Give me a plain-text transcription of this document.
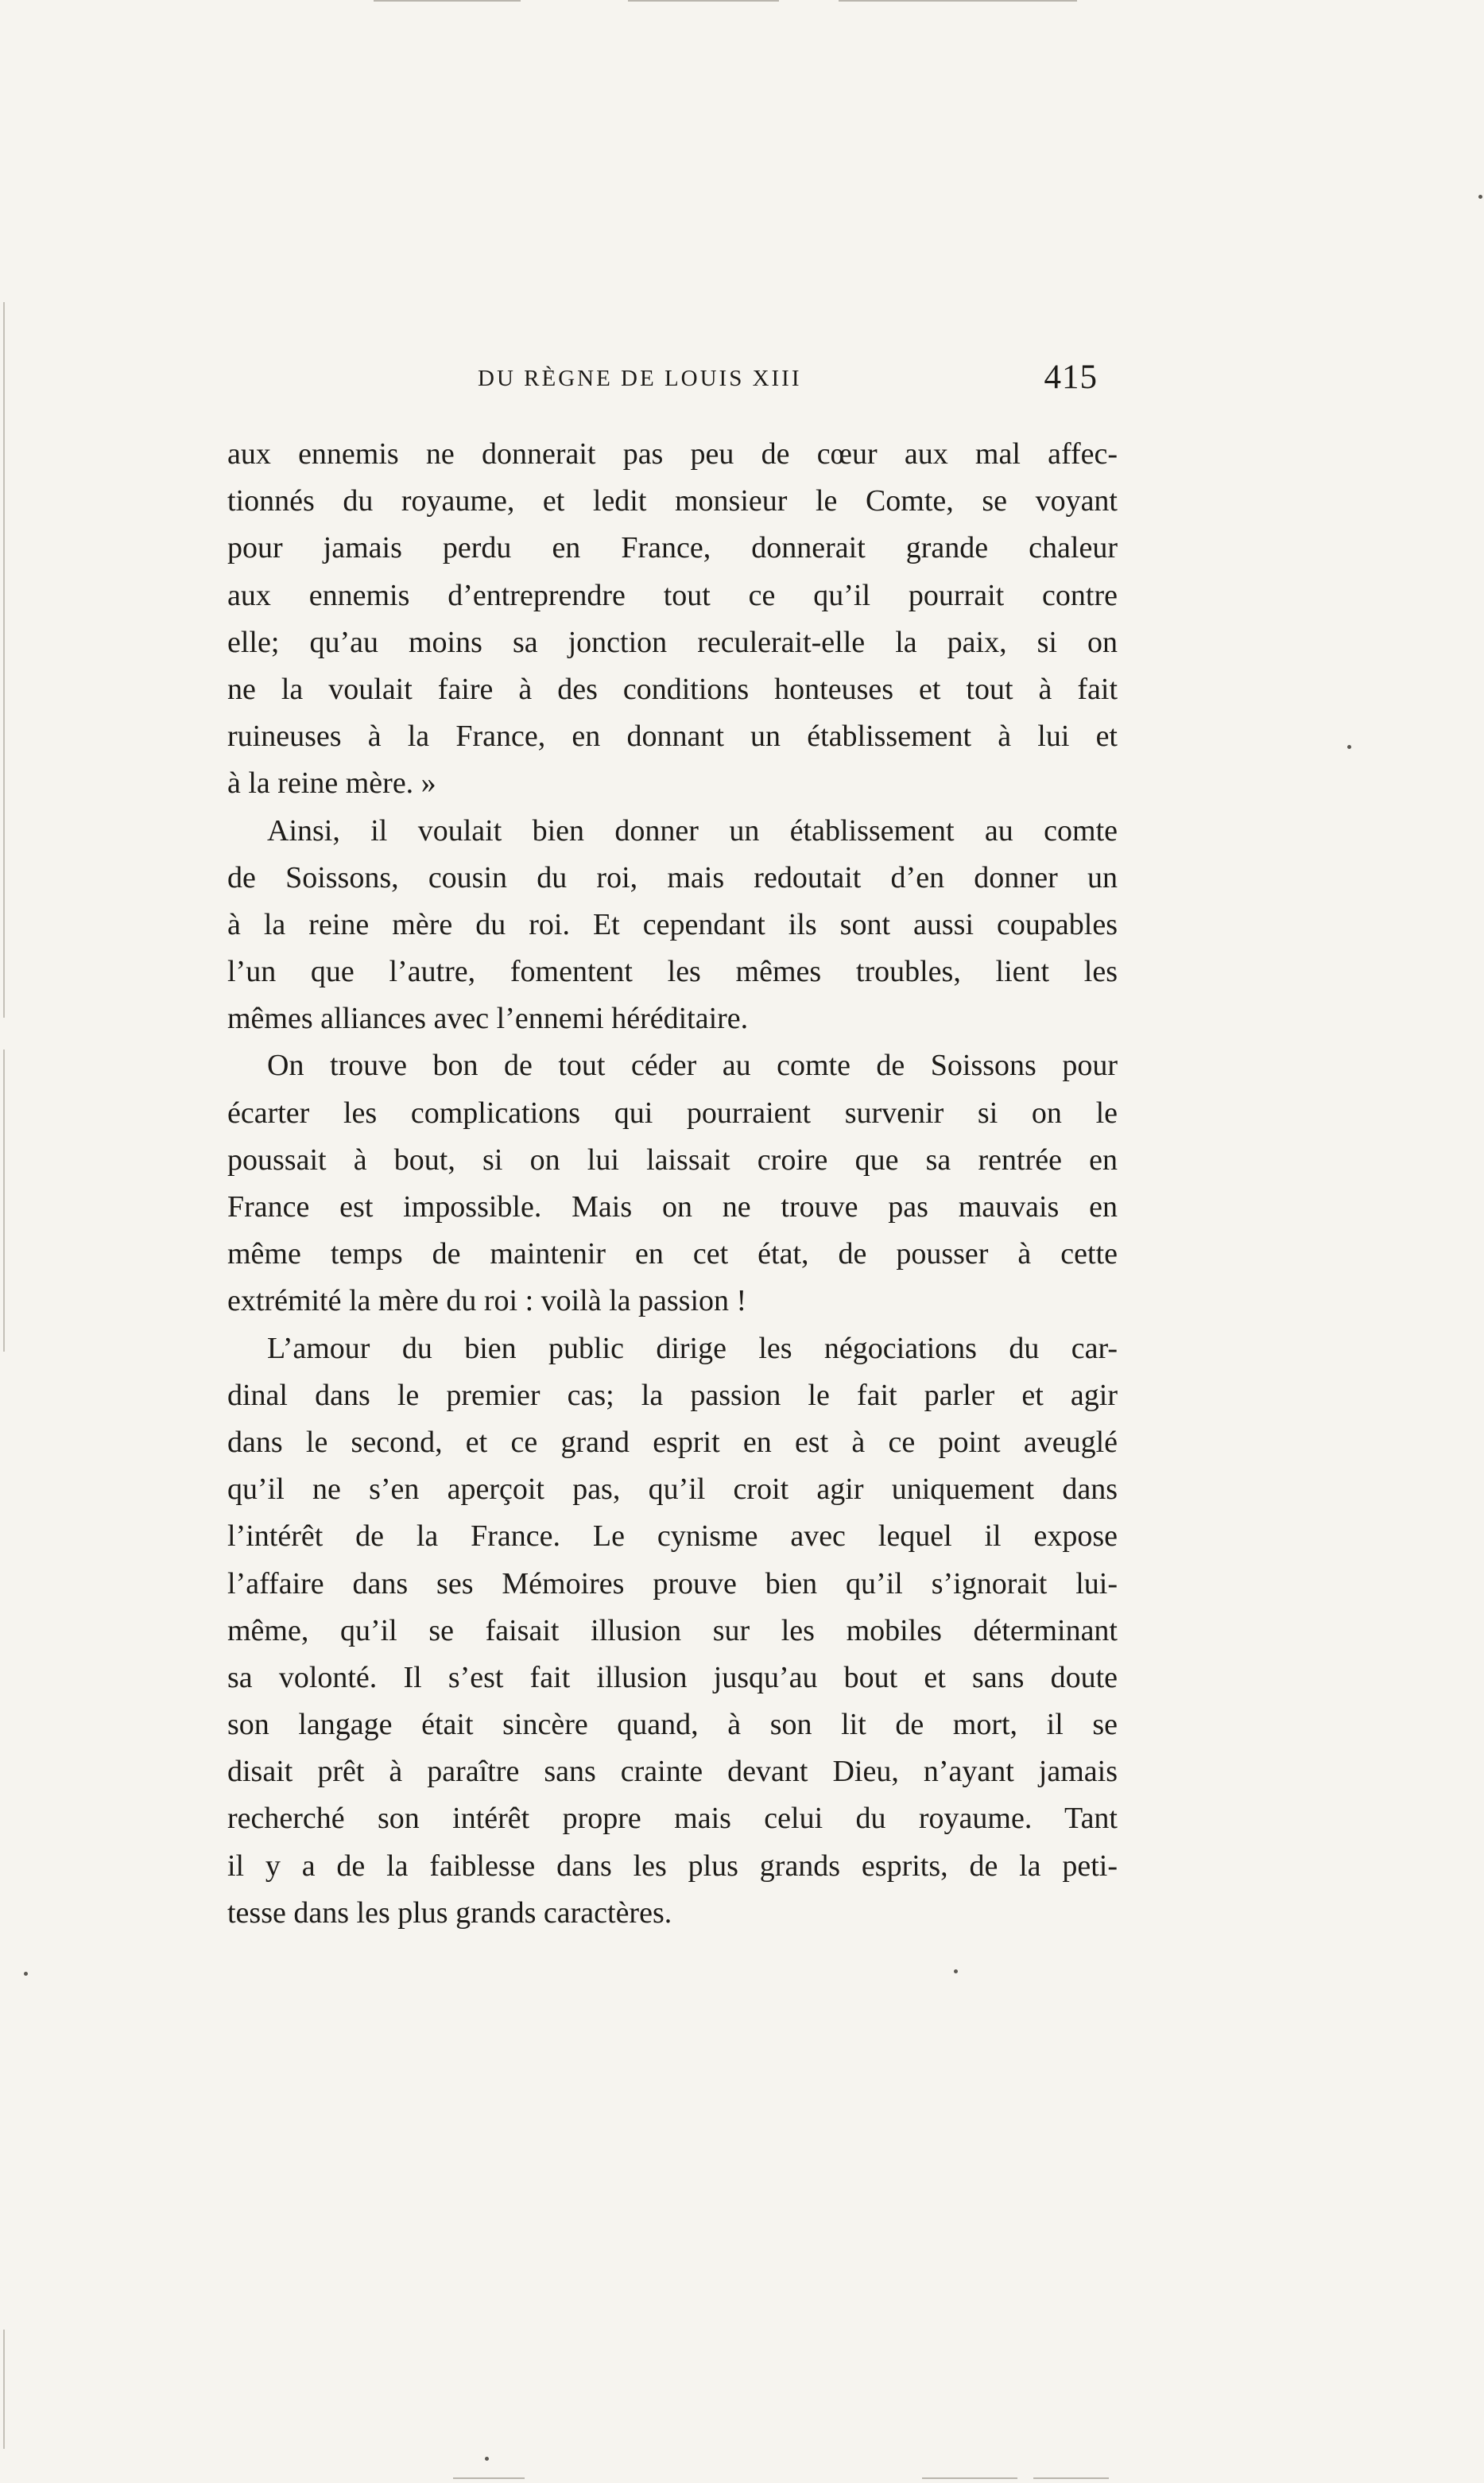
DU RÈGNE DE LOUIS XIII	415
aux ennemis ne donnerait pas peu de cœur aux mal affec-
tionnés du royaume, et ledit monsieur le Comte, se voyant
pour jamais perdu en France, donnerait grande chaleur
aux ennemis d’entreprendre tout ce qu’il pourrait contre
elle; qu’au moins sa jonction reculerait-elle la paix, si on
ne la voulait faire à des conditions honteuses et tout à fait
ruineuses à la France, en donnant un établissement à lui et
à la reine mère. »
Ainsi, il voulait bien donner un établissement au comte
de Soissons, cousin du roi, mais redoutait d’en donner un
à la reine mère du roi. Et cependant ils sont aussi coupables
l’un que l’autre, fomentent les mêmes troubles, lient les
mêmes alliances avec l’ennemi héréditaire.
On trouve bon de tout céder au comte de Soissons pour
écarter les complications qui pourraient survenir si on le
poussait à bout, si on lui laissait croire que sa rentrée en
France est impossible. Mais on ne trouve pas mauvais en
même temps de maintenir en cet état, de pousser à cette
extrémité la mère du roi : voilà la passion !
L’amour du bien public dirige les négociations du car-
dinal dans le premier cas; la passion le fait parler et agir
dans le second, et ce grand esprit en est à ce point aveuglé
qu’il ne s’en aperçoit pas, qu’il croit agir uniquement dans
l’intérêt de la France. Le cynisme avec lequel il expose
l’affaire dans ses Mémoires prouve bien qu’il s’ignorait lui-
même, qu’il se faisait illusion sur les mobiles déterminant
sa volonté. Il s’est fait illusion jusqu’au bout et sans doute
son langage était sincère quand, à son lit de mort, il se
disait prêt à paraître sans crainte devant Dieu, n’ayant jamais
recherché son intérêt propre mais celui du royaume. Tant
il y a de la faiblesse dans les plus grands esprits, de la peti-
tesse dans les plus grands caractères.
